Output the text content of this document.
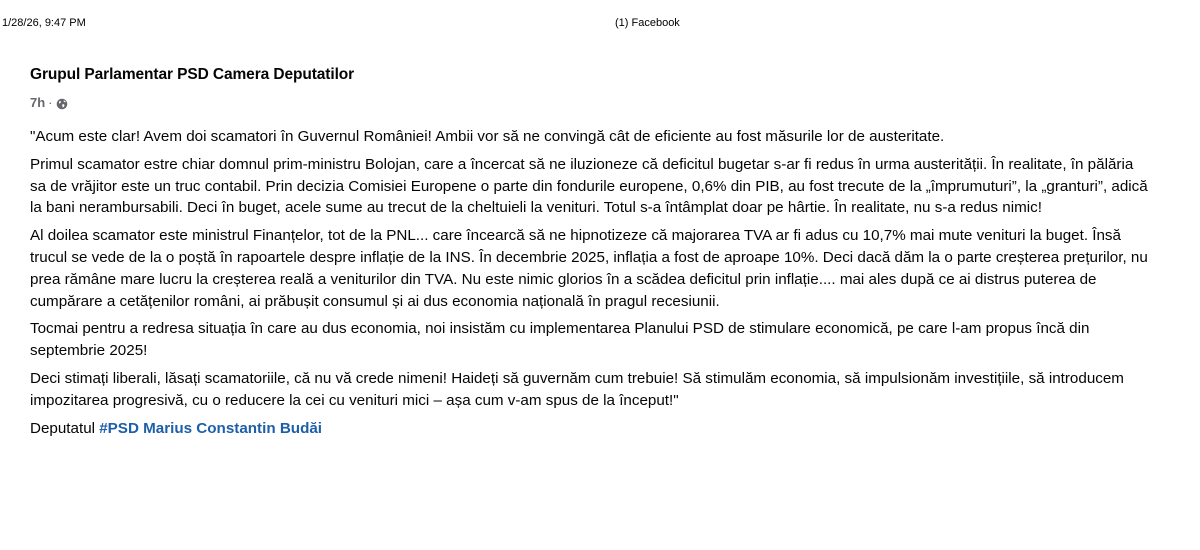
1/28/26, 9:47 PM	(1) Facebook
Grupul Parlamentar PSD Camera Deputatilor
7h ·

"Acum este clar! Avem doi scamatori în Guvernul României! Ambii vor să ne convingă cât de eficiente au fost măsurile lor de austeritate.

Primul scamator estre chiar domnul prim-ministru Bolojan, care a încercat să ne iluzioneze că deficitul bugetar s-ar fi redus în urma austerității. În realitate, în pălăria sa de vrăjitor este un truc contabil. Prin decizia Comisiei Europene o parte din fondurile europene, 0,6% din PIB, au fost trecute de la „împrumuturi”, la „granturi”, adică la bani nerambursabili. Deci în buget, acele sume au trecut de la cheltuieli la venituri. Totul s-a întâmplat doar pe hârtie. În realitate, nu s-a redus nimic!

Al doilea scamator este ministrul Finanțelor, tot de la PNL... care încearcă să ne hipnotizeze că majorarea TVA ar fi adus cu 10,7% mai mute venituri la buget. Însă trucul se vede de la o poștă în rapoartele despre inflație de la INS. În decembrie 2025, inflația a fost de aproape 10%. Deci dacă dăm la o parte creșterea prețurilor, nu prea rămâne mare lucru la creșterea reală a veniturilor din TVA. Nu este nimic glorios în a scădea deficitul prin inflație.... mai ales după ce ai distrus puterea de cumpărare a cetățenilor români, ai prăbușit consumul și ai dus economia națională în pragul recesiunii.

Tocmai pentru a redresa situația în care au dus economia, noi insistăm cu implementarea Planului PSD de stimulare economică, pe care l-am propus încă din septembrie 2025!

Deci stimați liberali, lăsați scamatoriile, că nu vă crede nimeni! Haideți să guvernăm cum trebuie! Să stimulăm economia, să impulsionăm investițiile, să introducem impozitarea progresivă, cu o reducere la cei cu venituri mici – așa cum v-am spus de la început!"

Deputatul #PSD Marius Constantin Budăi
